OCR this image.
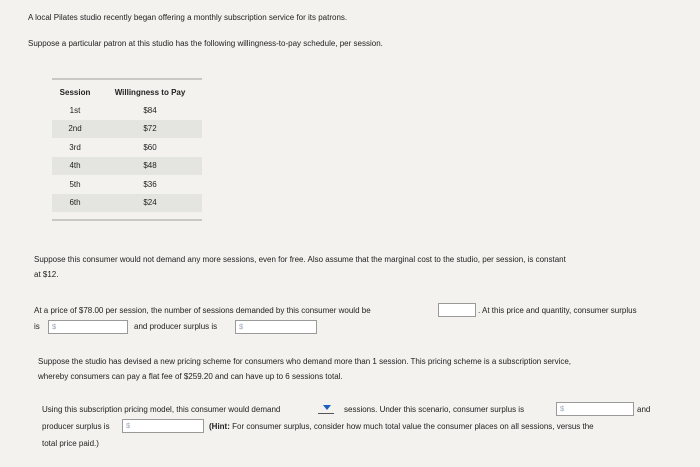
A local Pilates studio recently began offering a monthly subscription service for its patrons.
Suppose a particular patron at this studio has the following willingness-to-pay schedule, per session.
Session	Willingness to Pay
1st	$84
2nd	$72
3rd	$60
4th	$48
5th	$36
6th	$24
Suppose this consumer would not demand any more sessions, even for free. Also assume that the marginal cost to the studio, per session, is constant
at $12.
At a price of $78.00 per session, the number of sessions demanded by this consumer would be	. At this price and quantity, consumer surplus
is	$	and producer surplus is	$
Suppose the studio has devised a new pricing scheme for consumers who demand more than 1 session. This pricing scheme is a subscription service,
whereby consumers can pay a flat fee of $259.20 and can have up to 6 sessions total.
Using this subscription pricing model, this consumer would demand	sessions. Under this scenario, consumer surplus is	$	and
producer surplus is	$	(Hint: For consumer surplus, consider how much total value the consumer places on all sessions, versus the
total price paid.)
